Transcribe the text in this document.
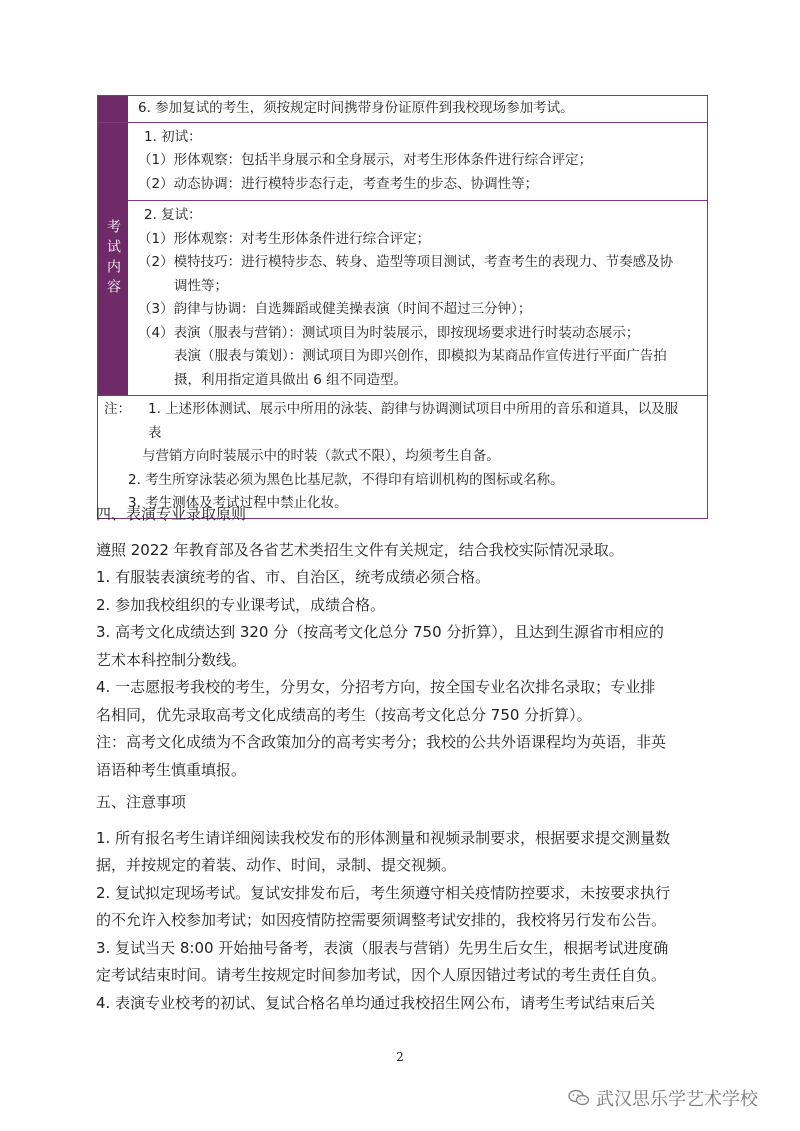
6. 参加复试的考生，须按规定时间携带身份证原件到我校现场参加考试。
考试内容
1. 初试：
（1）形体观察：包括半身展示和全身展示，对考生形体条件进行综合评定；
（2）动态协调：进行模特步态行走，考查考生的步态、协调性等；
2. 复试：
（1）形体观察：对考生形体条件进行综合评定；
（2）模特技巧：进行模特步态、转身、造型等项目测试，考查考生的表现力、节奏感及协
调性等；
（3）韵律与协调：自选舞蹈或健美操表演（时间不超过三分钟）；
（4）表演（服表与营销）：测试项目为时装展示，即按现场要求进行时装动态展示；
表演（服表与策划）：测试项目为即兴创作，即模拟为某商品作宣传进行平面广告拍
摄，利用指定道具做出 6 组不同造型。
注：	1. 上述形体测试、展示中所用的泳装、韵律与协调测试项目中所用的音乐和道具，以及服表
与营销方向时装展示中的时装（款式不限），均须考生自备。
2. 考生所穿泳装必须为黑色比基尼款，不得印有培训机构的图标或名称。
3. 考生测体及考试过程中禁止化妆。
四、表演专业录取原则
遵照 2022 年教育部及各省艺术类招生文件有关规定，结合我校实际情况录取。
1. 有服装表演统考的省、市、自治区，统考成绩必须合格。
2. 参加我校组织的专业课考试，成绩合格。
3. 高考文化成绩达到 320 分（按高考文化总分 750 分折算），且达到生源省市相应的
艺术本科控制分数线。
4. 一志愿报考我校的考生，分男女，分招考方向，按全国专业名次排名录取；专业排
名相同，优先录取高考文化成绩高的考生（按高考文化总分 750 分折算）。
注：高考文化成绩为不含政策加分的高考实考分；我校的公共外语课程均为英语，非英
语语种考生慎重填报。
五、注意事项
1. 所有报名考生请详细阅读我校发布的形体测量和视频录制要求，根据要求提交测量数
据，并按规定的着装、动作、时间，录制、提交视频。
2. 复试拟定现场考试。复试安排发布后，考生须遵守相关疫情防控要求，未按要求执行
的不允许入校参加考试；如因疫情防控需要须调整考试安排的，我校将另行发布公告。
3. 复试当天 8:00 开始抽号备考，表演（服表与营销）先男生后女生，根据考试进度确
定考试结束时间。请考生按规定时间参加考试，因个人原因错过考试的考生责任自负。
4. 表演专业校考的初试、复试合格名单均通过我校招生网公布，请考生考试结束后关
2
武汉思乐学艺术学校
